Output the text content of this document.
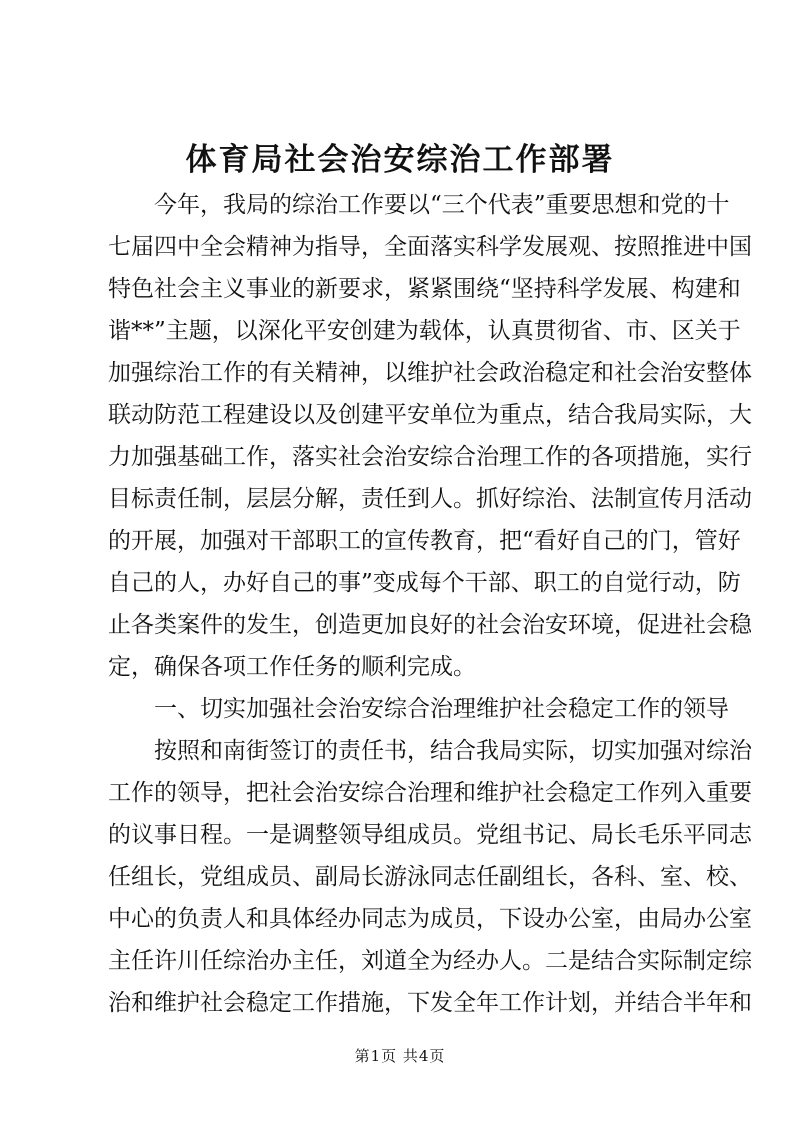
体育局社会治安综治工作部署
今年，我局的综治工作要以“三个代表”重要思想和党的十
七届四中全会精神为指导，全面落实科学发展观、按照推进中国
特色社会主义事业的新要求，紧紧围绕“坚持科学发展、构建和
谐**”主题，以深化平安创建为载体，认真贯彻省、市、区关于
加强综治工作的有关精神，以维护社会政治稳定和社会治安整体
联动防范工程建设以及创建平安单位为重点，结合我局实际，大
力加强基础工作，落实社会治安综合治理工作的各项措施，实行
目标责任制，层层分解，责任到人。抓好综治、法制宣传月活动
的开展，加强对干部职工的宣传教育，把“看好自己的门，管好
自己的人，办好自己的事”变成每个干部、职工的自觉行动，防
止各类案件的发生，创造更加良好的社会治安环境，促进社会稳
定，确保各项工作任务的顺利完成。
一、切实加强社会治安综合治理维护社会稳定工作的领导
按照和南街签订的责任书，结合我局实际，切实加强对综治
工作的领导，把社会治安综合治理和维护社会稳定工作列入重要
的议事日程。一是调整领导组成员。党组书记、局长毛乐平同志
任组长，党组成员、副局长游泳同志任副组长，各科、室、校、
中心的负责人和具体经办同志为成员，下设办公室，由局办公室
主任许川任综治办主任，刘道全为经办人。二是结合实际制定综
第1页 共4页
治和维护社会稳定工作措施，下发全年工作计划，并结合半年和
